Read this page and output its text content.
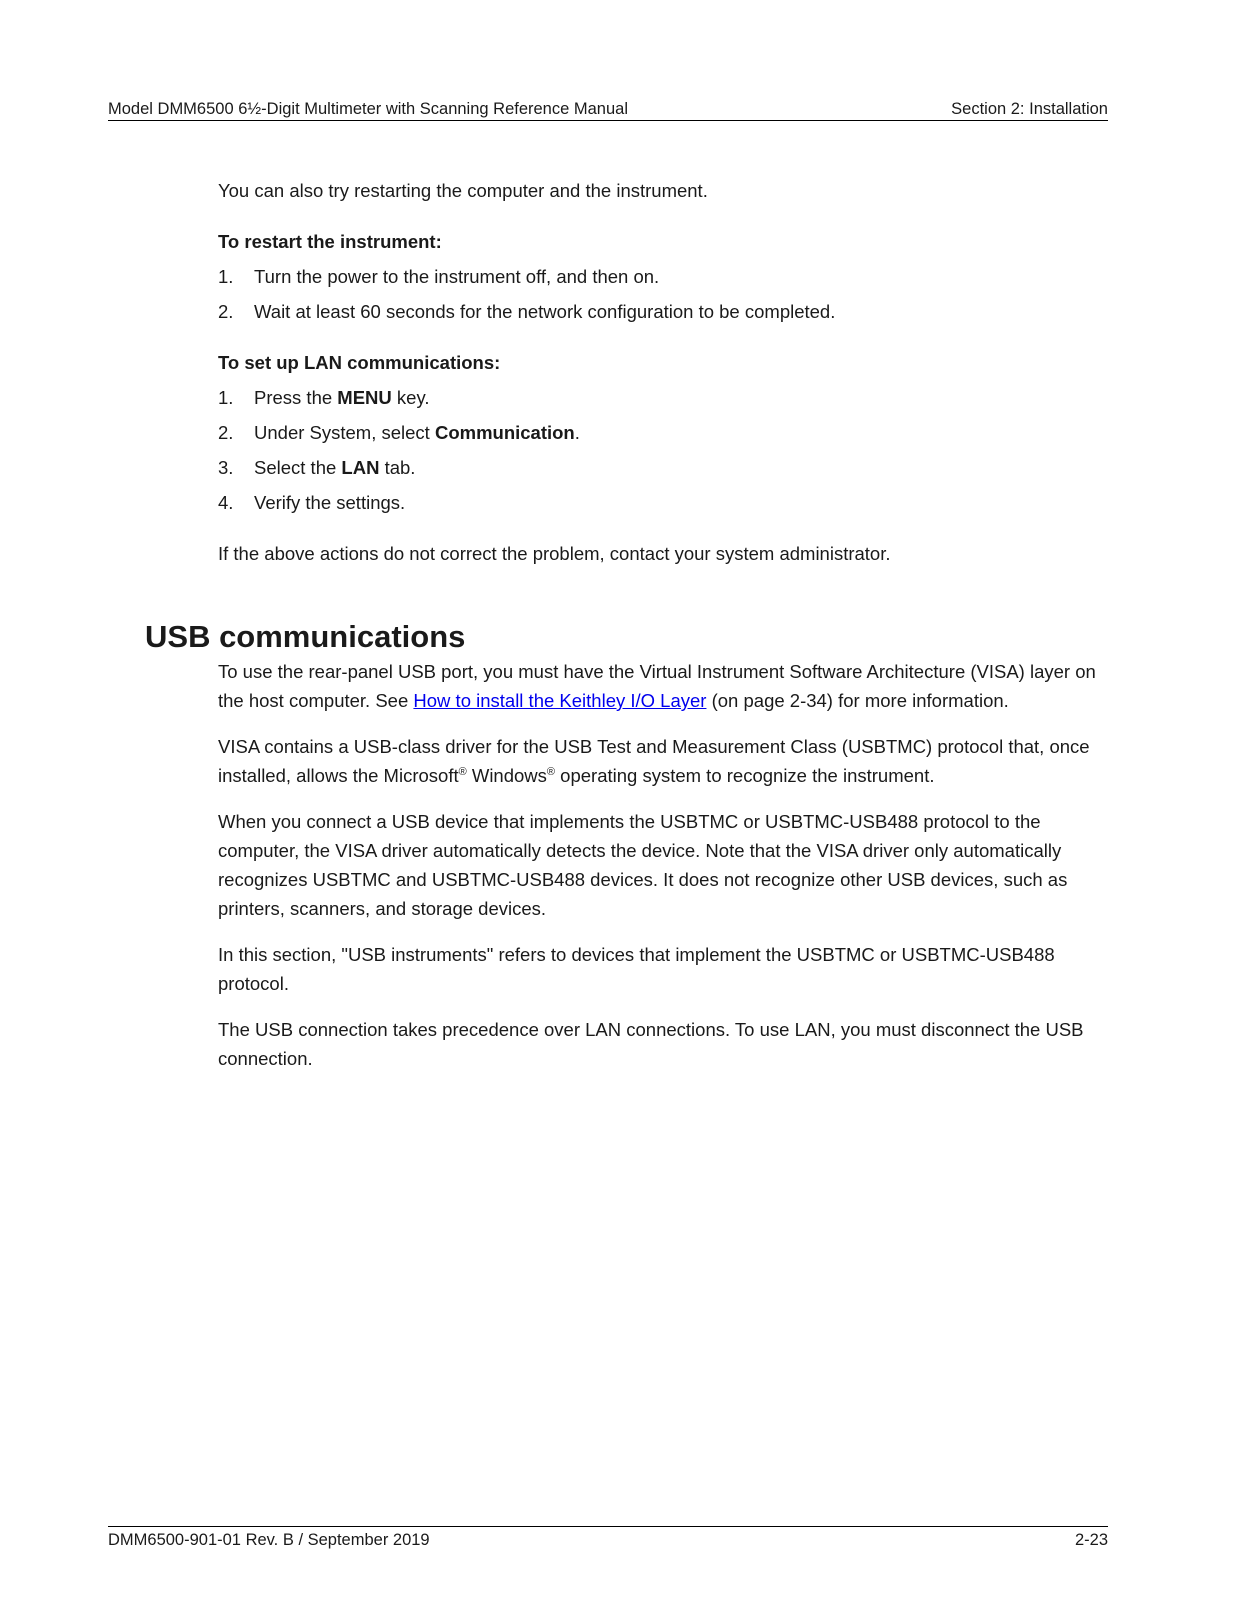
Model DMM6500 6½-Digit Multimeter with Scanning Reference Manual	Section 2: Installation

You can also try restarting the computer and the instrument.

To restart the instrument:

1.	Turn the power to the instrument off, and then on.
2.	Wait at least 60 seconds for the network configuration to be completed.

To set up LAN communications:

1.	Press the MENU key.
2.	Under System, select Communication.
3.	Select the LAN tab.
4.	Verify the settings.

If the above actions do not correct the problem, contact your system administrator.

USB communications

To use the rear-panel USB port, you must have the Virtual Instrument Software Architecture (VISA) layer on the host computer. See How to install the Keithley I/O Layer (on page 2-34) for more information.

VISA contains a USB-class driver for the USB Test and Measurement Class (USBTMC) protocol that, once installed, allows the Microsoft® Windows® operating system to recognize the instrument.

When you connect a USB device that implements the USBTMC or USBTMC-USB488 protocol to the computer, the VISA driver automatically detects the device. Note that the VISA driver only automatically recognizes USBTMC and USBTMC-USB488 devices. It does not recognize other USB devices, such as printers, scanners, and storage devices.

In this section, "USB instruments" refers to devices that implement the USBTMC or USBTMC-USB488 protocol.

The USB connection takes precedence over LAN connections. To use LAN, you must disconnect the USB connection.

DMM6500-901-01 Rev. B / September 2019	2-23
